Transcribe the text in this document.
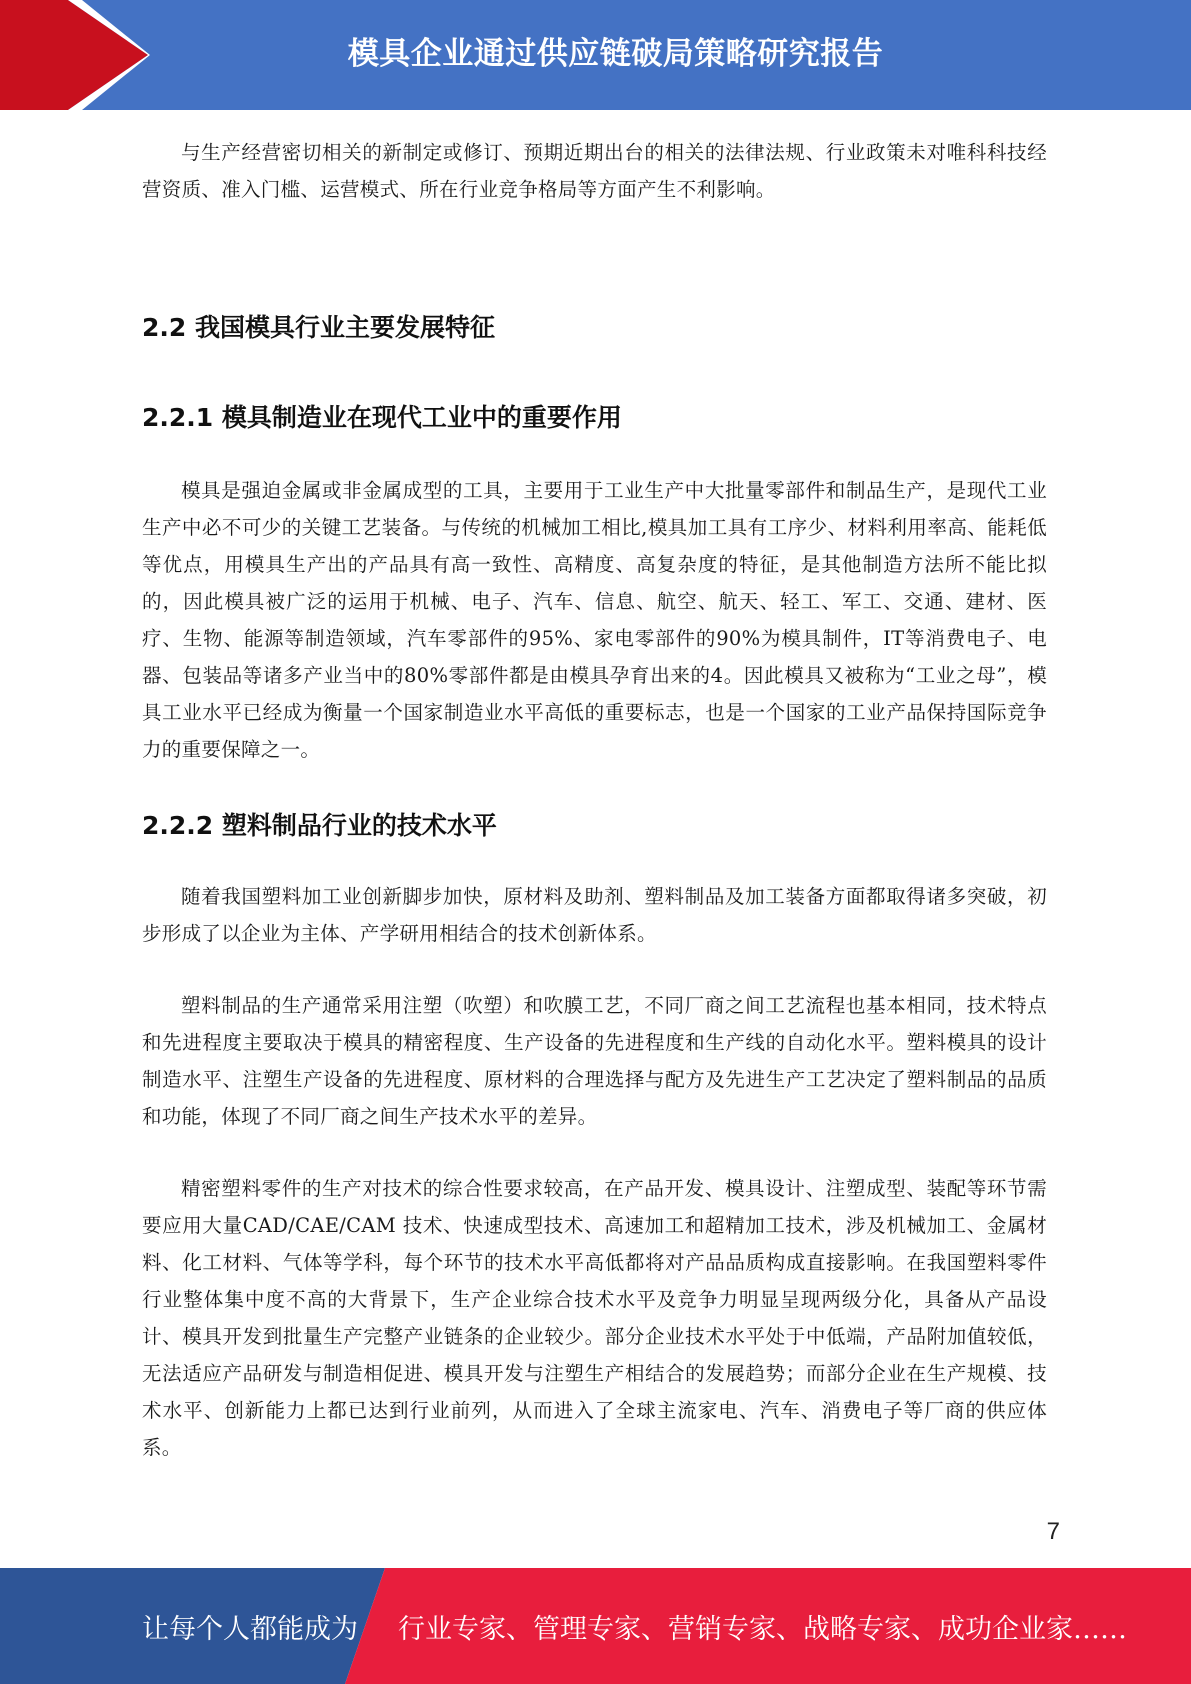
模具企业通过供应链破局策略研究报告

与生产经营密切相关的新制定或修订、预期近期出台的相关的法律法规、行业政策未对唯科科技经营资质、准入门槛、运营模式、所在行业竞争格局等方面产生不利影响。

2.2 我国模具行业主要发展特征
2.2.1 模具制造业在现代工业中的重要作用

模具是强迫金属或非金属成型的工具，主要用于工业生产中大批量零部件和制品生产，是现代工业生产中必不可少的关键工艺装备。与传统的机械加工相比,模具加工具有工序少、材料利用率高、能耗低等优点，用模具生产出的产品具有高一致性、高精度、高复杂度的特征，是其他制造方法所不能比拟的，因此模具被广泛的运用于机械、电子、汽车、信息、航空、航天、轻工、军工、交通、建材、医疗、生物、能源等制造领域，汽车零部件的95%、家电零部件的90%为模具制件，IT等消费电子、电器、包装品等诸多产业当中的80%零部件都是由模具孕育出来的4。因此模具又被称为“工业之母”，模具工业水平已经成为衡量一个国家制造业水平高低的重要标志，也是一个国家的工业产品保持国际竞争力的重要保障之一。

2.2.2 塑料制品行业的技术水平

随着我国塑料加工业创新脚步加快，原材料及助剂、塑料制品及加工装备方面都取得诸多突破，初步形成了以企业为主体、产学研用相结合的技术创新体系。

塑料制品的生产通常采用注塑（吹塑）和吹膜工艺，不同厂商之间工艺流程也基本相同，技术特点和先进程度主要取决于模具的精密程度、生产设备的先进程度和生产线的自动化水平。塑料模具的设计制造水平、注塑生产设备的先进程度、原材料的合理选择与配方及先进生产工艺决定了塑料制品的品质和功能，体现了不同厂商之间生产技术水平的差异。

精密塑料零件的生产对技术的综合性要求较高，在产品开发、模具设计、注塑成型、装配等环节需要应用大量CAD/CAE/CAM 技术、快速成型技术、高速加工和超精加工技术，涉及机械加工、金属材料、化工材料、气体等学科，每个环节的技术水平高低都将对产品品质构成直接影响。在我国塑料零件行业整体集中度不高的大背景下，生产企业综合技术水平及竞争力明显呈现两级分化，具备从产品设计、模具开发到批量生产完整产业链条的企业较少。部分企业技术水平处于中低端，产品附加值较低，无法适应产品研发与制造相促进、模具开发与注塑生产相结合的发展趋势；而部分企业在生产规模、技术水平、创新能力上都已达到行业前列，从而进入了全球主流家电、汽车、消费电子等厂商的供应体系。

7
让每个人都能成为 行业专家、管理专家、营销专家、战略专家、成功企业家……
